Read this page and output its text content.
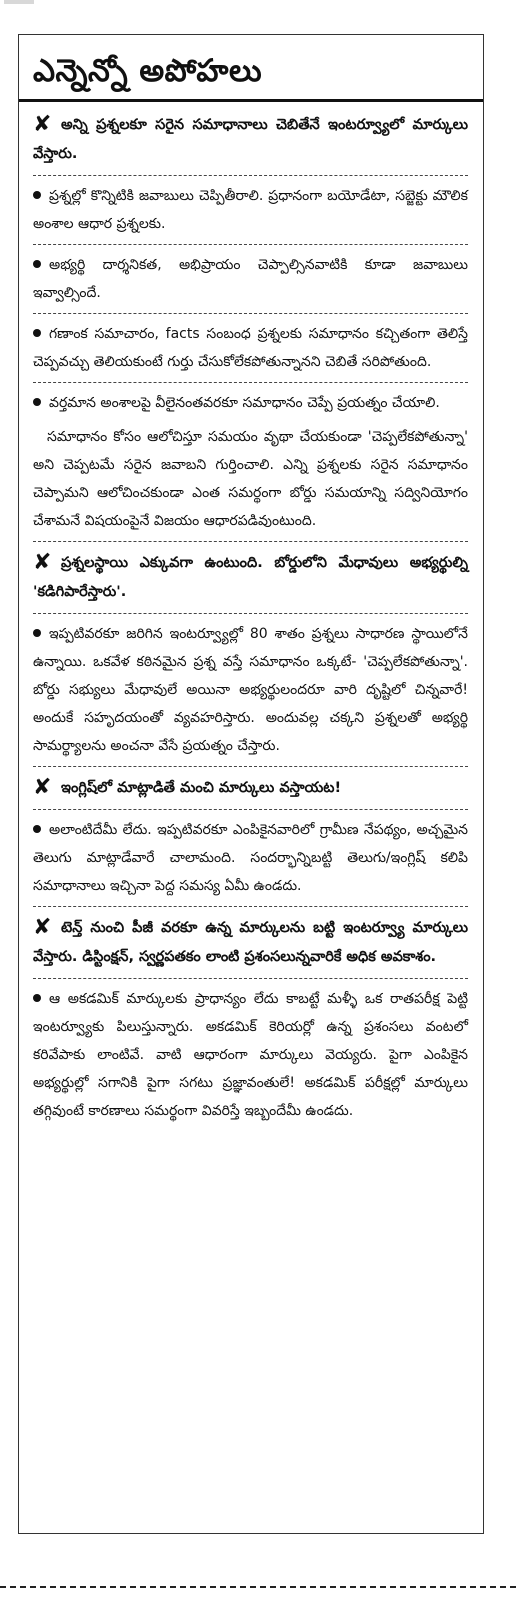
ఎన్నెన్నో అపోహలు

✘ అన్ని ప్రశ్నలకూ సరైన సమాధానాలు చెబితేనే ఇంటర్వ్యూలో మార్కులు వేస్తారు.

ప్రశ్నల్లో కొన్నిటికి జవాబులు చెప్పితీరాలి. ప్రధానంగా బయోడేటా, సబ్జెక్టు మౌలిక అంశాల ఆధార ప్రశ్నలకు.

అభ్యర్థి దార్శనికత, అభిప్రాయం చెప్పాల్సినవాటికి కూడా జవాబులు ఇవ్వాల్సిందే.

గణాంక సమాచారం, facts సంబంధ ప్రశ్నలకు సమాధానం కచ్చితంగా తెలిస్తే చెప్పవచ్చు తెలియకుంటే గుర్తు చేసుకోలేకపోతున్నానని చెబితే సరిపోతుంది.

వర్తమాన అంశాలపై వీలైనంతవరకూ సమాధానం చెప్పే ప్రయత్నం చేయాలి.

సమాధానం కోసం ఆలోచిస్తూ సమయం వృథా చేయకుండా 'చెప్పలేకపోతున్నా' అని చెప్పటమే సరైన జవాబని గుర్తించాలి. ఎన్ని ప్రశ్నలకు సరైన సమాధానం చెప్పామని ఆలోచించకుండా ఎంత సమర్థంగా బోర్డు సమయాన్ని సద్వినియోగం చేశామనే విషయంపైనే విజయం ఆధారపడివుంటుంది.

✘ ప్రశ్నలస్థాయి ఎక్కువగా ఉంటుంది. బోర్డులోని మేధావులు అభ్యర్థుల్ని 'కడిగిపారేస్తారు'.

ఇప్పటివరకూ జరిగిన ఇంటర్వ్యూల్లో 80 శాతం ప్రశ్నలు సాధారణ స్థాయిలోనే ఉన్నాయి. ఒకవేళ కఠినమైన ప్రశ్న వస్తే సమాధానం ఒక్కటే- 'చెప్పలేకపోతున్నా'. బోర్డు సభ్యులు మేధావులే అయినా అభ్యర్థులందరూ వారి దృష్టిలో చిన్నవారే! అందుకే సహృదయంతో వ్యవహరిస్తారు. అందువల్ల చక్కని ప్రశ్నలతో అభ్యర్థి సామర్థ్యాలను అంచనా వేసే ప్రయత్నం చేస్తారు.

✘ ఇంగ్లిష్‌లో మాట్లాడితే మంచి మార్కులు వస్తాయట!

అలాంటిదేమీ లేదు. ఇప్పటివరకూ ఎంపికైనవారిలో గ్రామీణ నేపథ్యం, అచ్చమైన తెలుగు మాట్లాడేవారే చాలామంది. సందర్భాన్నిబట్టి తెలుగు/ఇంగ్లిష్ కలిపి సమాధానాలు ఇచ్చినా పెద్ద సమస్య ఏమీ ఉండదు.

✘ టెన్త్ నుంచి పీజీ వరకూ ఉన్న మార్కులను బట్టి ఇంటర్వ్యూ మార్కులు వేస్తారు. డిస్టింక్షన్, స్వర్ణపతకం లాంటి ప్రశంసలున్నవారికే అధిక అవకాశం.

ఆ అకడమిక్ మార్కులకు ప్రాధాన్యం లేదు కాబట్టే మళ్ళీ ఒక రాతపరీక్ష పెట్టి ఇంటర్వ్యూకు పిలుస్తున్నారు. అకడమిక్ కెరియర్లో ఉన్న ప్రశంసలు వంటలో కరివేపాకు లాంటివే. వాటి ఆధారంగా మార్కులు వెయ్యరు. పైగా ఎంపికైన అభ్యర్థుల్లో సగానికి పైగా సగటు ప్రజ్ఞావంతులే! అకడమిక్ పరీక్షల్లో మార్కులు తగ్గివుంటే కారణాలు సమర్థంగా వివరిస్తే ఇబ్బందేమీ ఉండదు.
